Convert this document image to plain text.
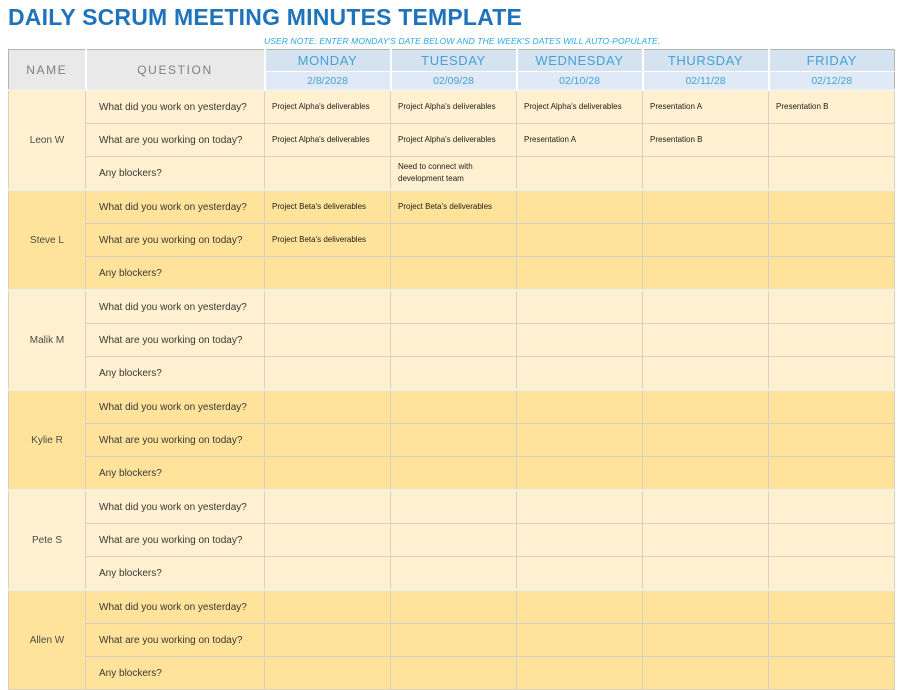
DAILY SCRUM MEETING MINUTES TEMPLATE
USER NOTE: ENTER MONDAY'S DATE BELOW AND THE WEEK'S DATES WILL AUTO-POPULATE.
NAME	QUESTION	MONDAY	TUESDAY	WEDNESDAY	THURSDAY	FRIDAY
		2/8/2028	02/09/28	02/10/28	02/11/28	02/12/28
Leon W	What did you work on yesterday?	Project Alpha's deliverables	Project Alpha's deliverables	Project Alpha's deliverables	Presentation A	Presentation B
	What are you working on today?	Project Alpha's deliverables	Project Alpha's deliverables	Presentation A	Presentation B	
	Any blockers?		Need to connect with development team			
Steve L	What did you work on yesterday?	Project Beta's deliverables	Project Beta's deliverables			
	What are you working on today?	Project Beta's deliverables				
	Any blockers?					
Malik M	What did you work on yesterday?					
	What are you working on today?					
	Any blockers?					
Kylie R	What did you work on yesterday?					
	What are you working on today?					
	Any blockers?					
Pete S	What did you work on yesterday?					
	What are you working on today?					
	Any blockers?					
Allen W	What did you work on yesterday?					
	What are you working on today?					
	Any blockers?					
